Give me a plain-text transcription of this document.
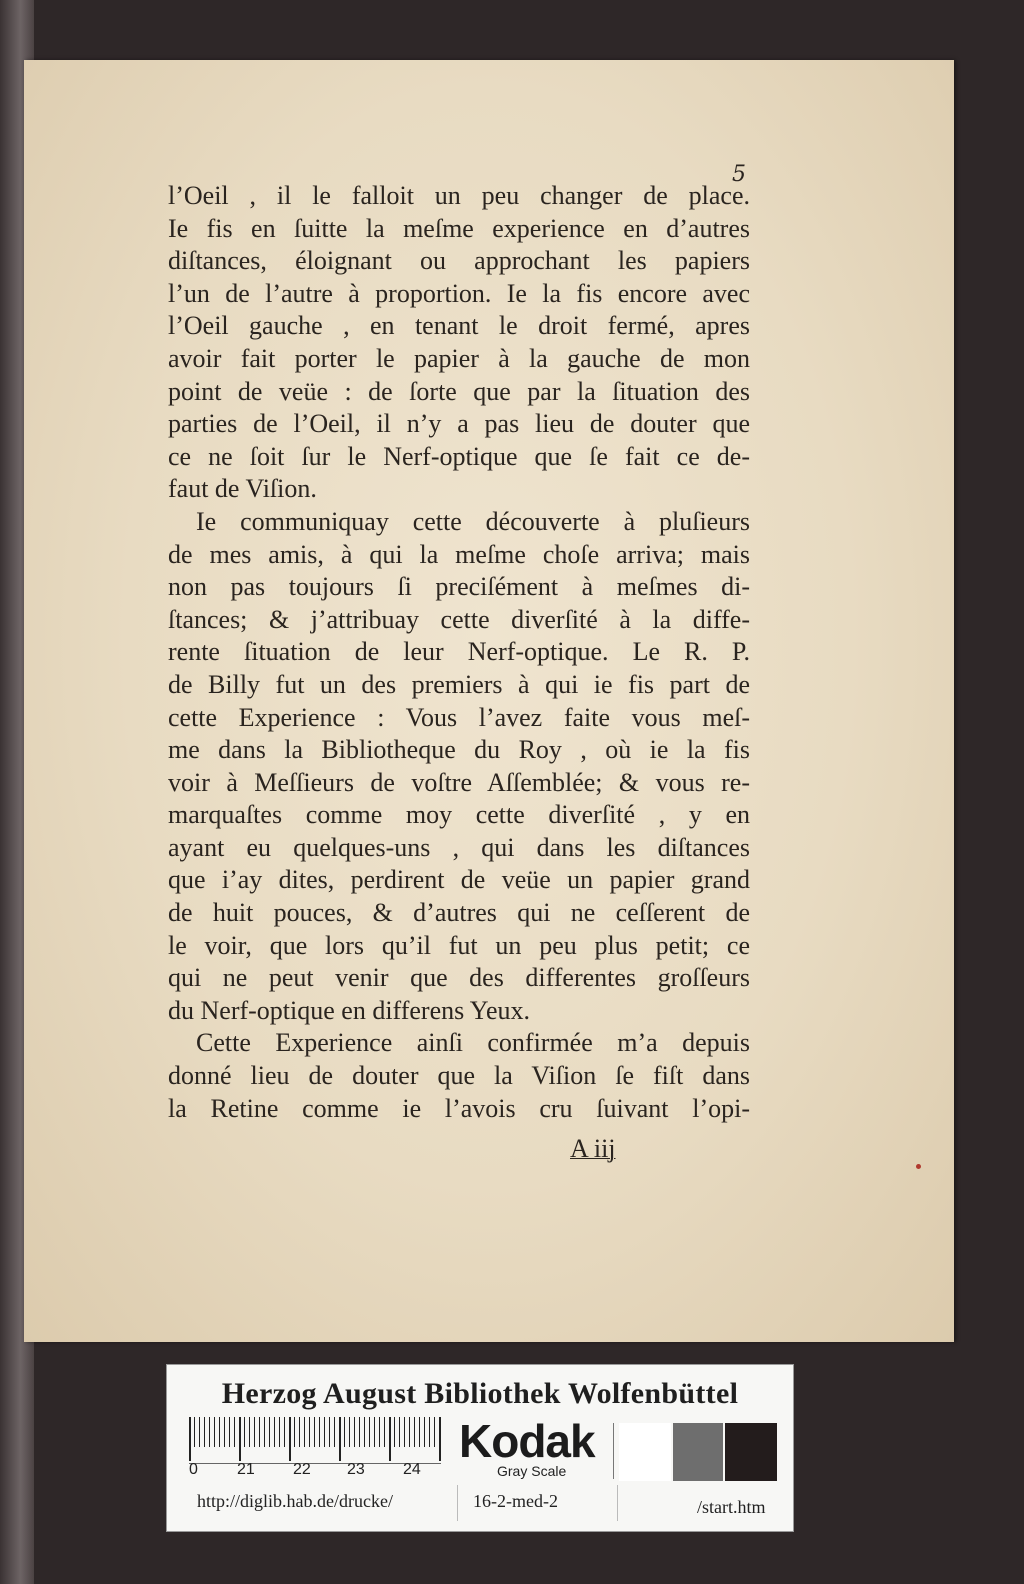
5
l’Oeil , il le falloit un peu changer de place.
Ie fis en ſuitte la meſme experience en d’autres
diſtances, éloignant ou approchant les papiers
l’un de l’autre à proportion. Ie la fis encore avec
l’Oeil gauche , en tenant le droit fermé, apres
avoir fait porter le papier à la gauche de mon
point de veüe : de ſorte que par la ſituation des
parties de l’Oeil, il n’y a pas lieu de douter que
ce ne ſoit ſur le Nerf-optique que ſe fait ce de-
faut de Viſion.
Ie communiquay cette découverte à pluſieurs
de mes amis, à qui la meſme choſe arriva; mais
non pas toujours ſi preciſément à meſmes di-
ſtances; & j’attribuay cette diverſité à la diffe-
rente ſituation de leur Nerf-optique. Le R. P.
de Billy fut un des premiers à qui ie fis part de
cette Experience : Vous l’avez faite vous meſ-
me dans la Bibliotheque du Roy , où ie la fis
voir à Meſſieurs de voſtre Aſſemblée; & vous re-
marquaſtes comme moy cette diverſité , y en
ayant eu quelques-uns , qui dans les diſtances
que i’ay dites, perdirent de veüe un papier grand
de huit pouces, & d’autres qui ne ceſſerent de
le voir, que lors qu’il fut un peu plus petit; ce
qui ne peut venir que des differentes groſſeurs
du Nerf-optique en differens Yeux.
Cette Experience ainſi confirmée m’a depuis
donné lieu de douter que la Viſion ſe fiſt dans
la Retine comme ie l’avois cru ſuivant l’opi-
A iij
Herzog August Bibliothek Wolfenbüttel
0 21 22 23 24
Kodak
Gray Scale
http://diglib.hab.de/drucke/	16-2-med-2	/start.htm
